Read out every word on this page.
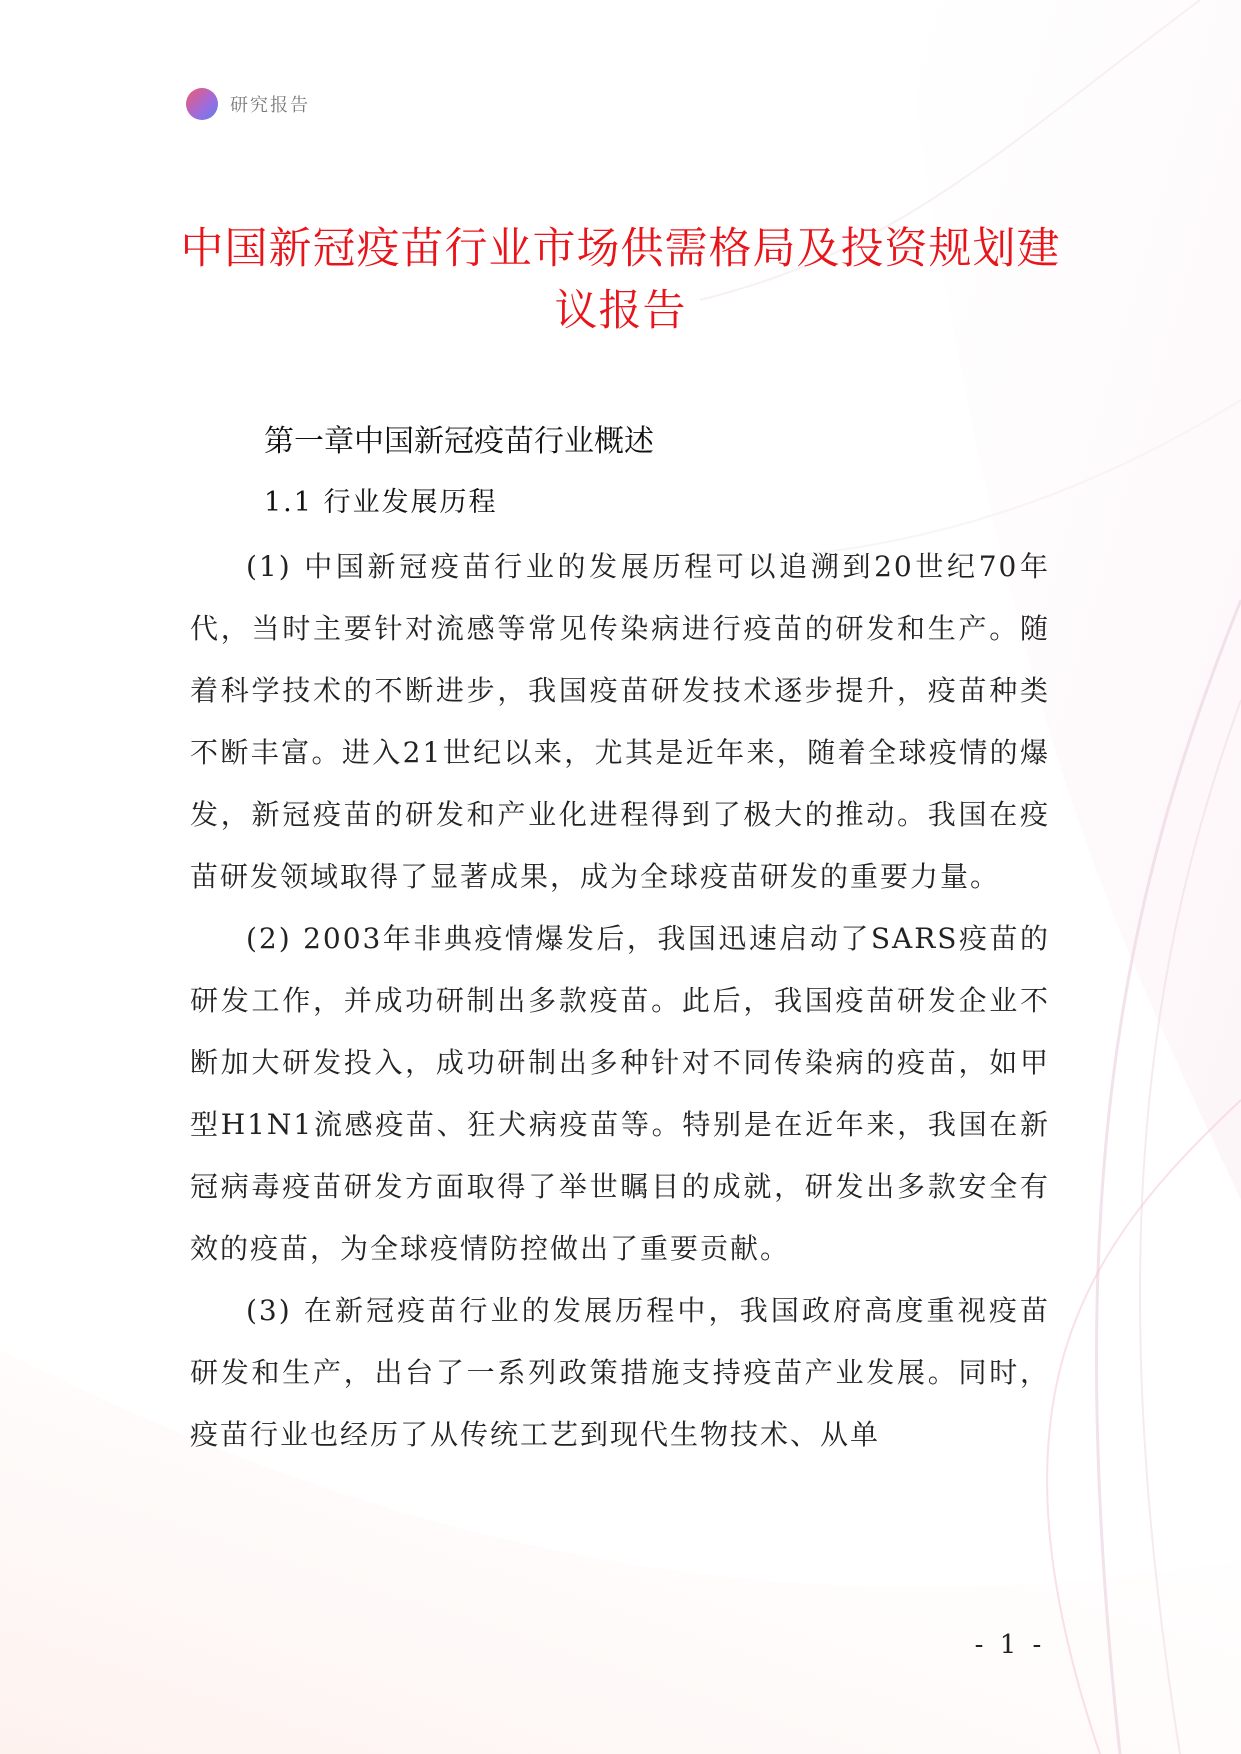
研究报告
中国新冠疫苗行业市场供需格局及投资规划建议报告
第一章中国新冠疫苗行业概述
1.1 行业发展历程

(1) 中国新冠疫苗行业的发展历程可以追溯到20世纪70年代，当时主要针对流感等常见传染病进行疫苗的研发和生产。随着科学技术的不断进步，我国疫苗研发技术逐步提升，疫苗种类不断丰富。进入21世纪以来，尤其是近年来，随着全球疫情的爆发，新冠疫苗的研发和产业化进程得到了极大的推动。我国在疫苗研发领域取得了显著成果，成为全球疫苗研发的重要力量。

(2) 2003年非典疫情爆发后，我国迅速启动了SARS疫苗的研发工作，并成功研制出多款疫苗。此后，我国疫苗研发企业不断加大研发投入，成功研制出多种针对不同传染病的疫苗，如甲型H1N1流感疫苗、狂犬病疫苗等。特别是在近年来，我国在新冠病毒疫苗研发方面取得了举世瞩目的成就，研发出多款安全有效的疫苗，为全球疫情防控做出了重要贡献。

(3) 在新冠疫苗行业的发展历程中，我国政府高度重视疫苗研发和生产，出台了一系列政策措施支持疫苗产业发展。同时，疫苗行业也经历了从传统工艺到现代生物技术、从单

- 1 -
